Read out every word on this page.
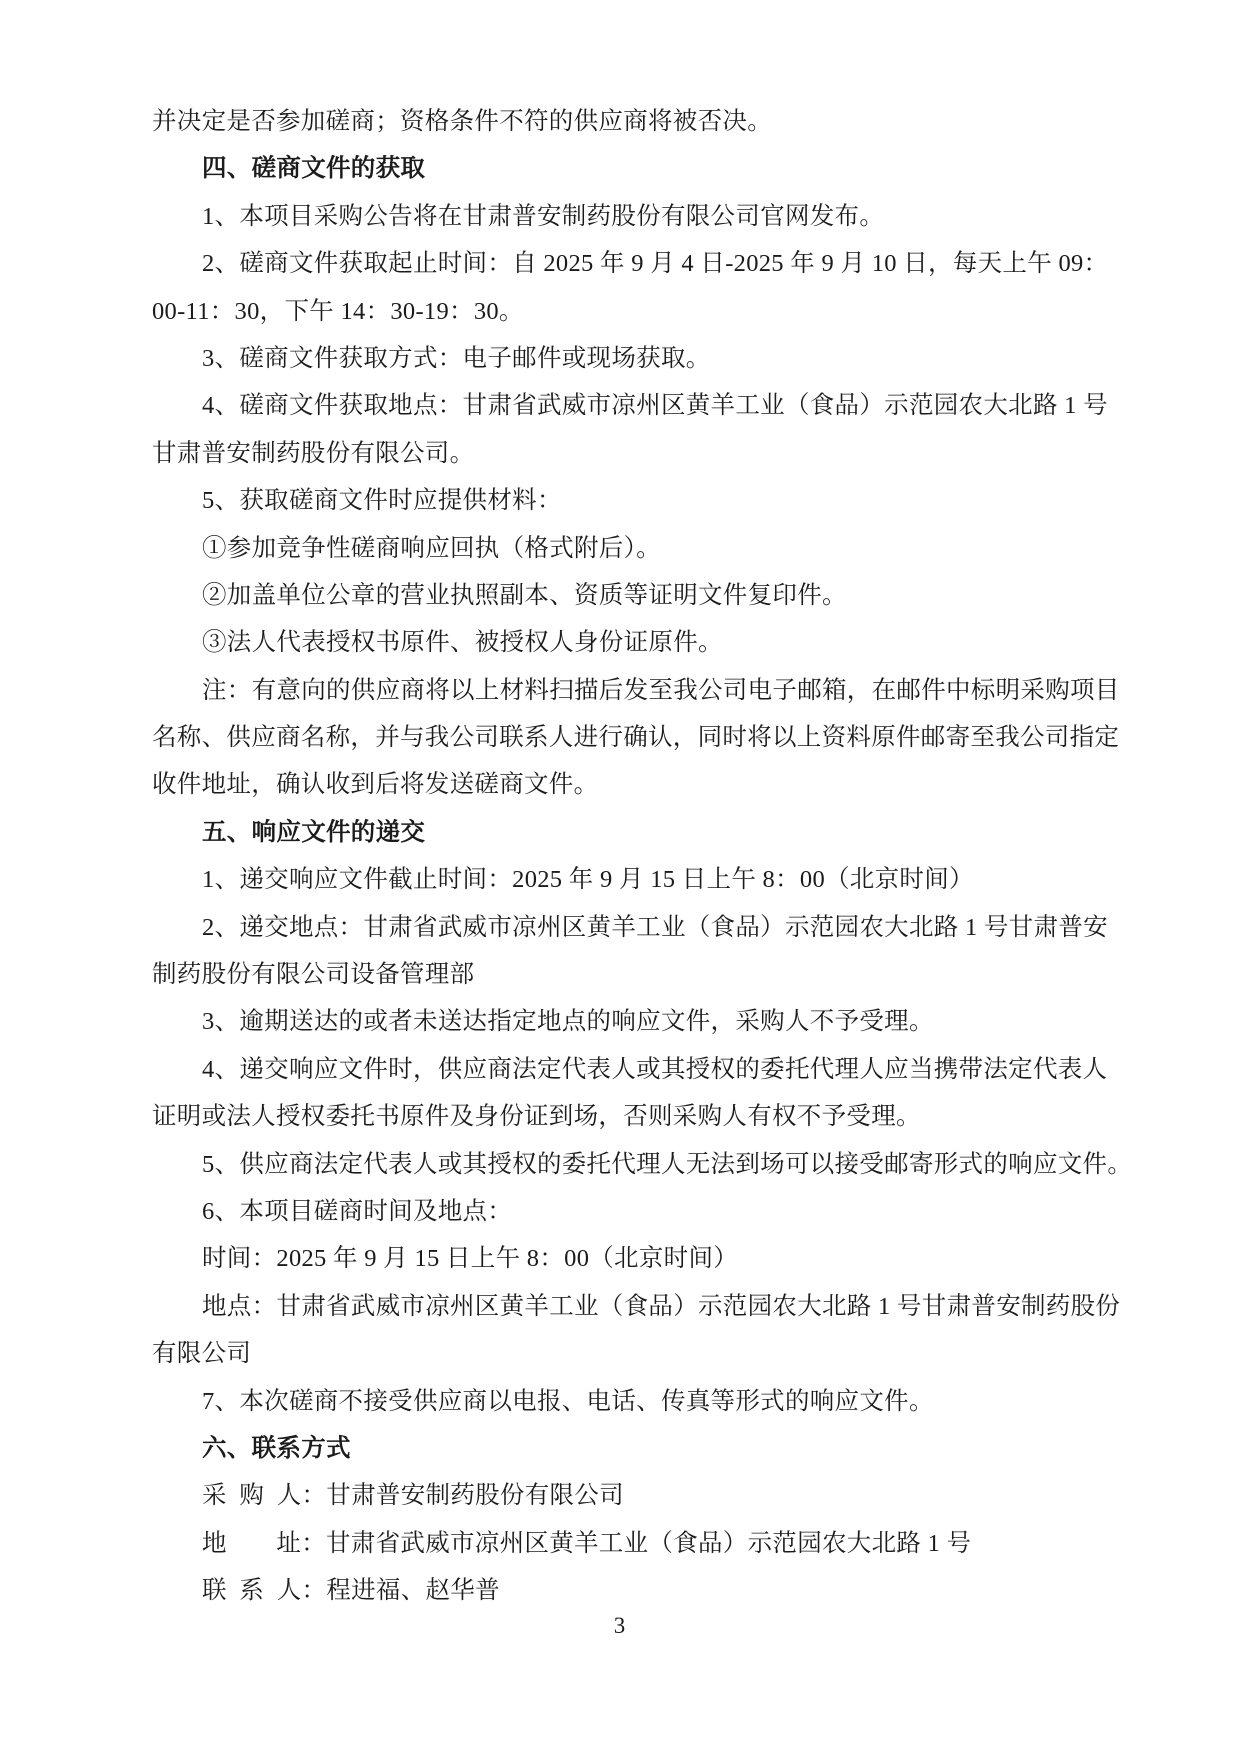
并决定是否参加磋商；资格条件不符的供应商将被否决。
四、磋商文件的获取
1、本项目采购公告将在甘肃普安制药股份有限公司官网发布。
2、磋商文件获取起止时间：自 2025 年 9 月 4 日-2025 年 9 月 10 日，每天上午 09：
00-11：30，下午 14：30-19：30。
3、磋商文件获取方式：电子邮件或现场获取。
4、磋商文件获取地点：甘肃省武威市凉州区黄羊工业（食品）示范园农大北路 1 号
甘肃普安制药股份有限公司。
5、获取磋商文件时应提供材料：
①参加竞争性磋商响应回执（格式附后）。
②加盖单位公章的营业执照副本、资质等证明文件复印件。
③法人代表授权书原件、被授权人身份证原件。
注：有意向的供应商将以上材料扫描后发至我公司电子邮箱，在邮件中标明采购项目
名称、供应商名称，并与我公司联系人进行确认，同时将以上资料原件邮寄至我公司指定
收件地址，确认收到后将发送磋商文件。
五、响应文件的递交
1、递交响应文件截止时间：2025 年 9 月 15 日上午 8：00（北京时间）
2、递交地点：甘肃省武威市凉州区黄羊工业（食品）示范园农大北路 1 号甘肃普安
制药股份有限公司设备管理部
3、逾期送达的或者未送达指定地点的响应文件，采购人不予受理。
4、递交响应文件时，供应商法定代表人或其授权的委托代理人应当携带法定代表人
证明或法人授权委托书原件及身份证到场，否则采购人有权不予受理。
5、供应商法定代表人或其授权的委托代理人无法到场可以接受邮寄形式的响应文件。
6、本项目磋商时间及地点：
时间：2025 年 9 月 15 日上午 8：00（北京时间）
地点：甘肃省武威市凉州区黄羊工业（食品）示范园农大北路 1 号甘肃普安制药股份
有限公司
7、本次磋商不接受供应商以电报、电话、传真等形式的响应文件。
六、联系方式
采 购 人：甘肃普安制药股份有限公司
地　　址：甘肃省武威市凉州区黄羊工业（食品）示范园农大北路 1 号
联 系 人：程进福、赵华普
3
